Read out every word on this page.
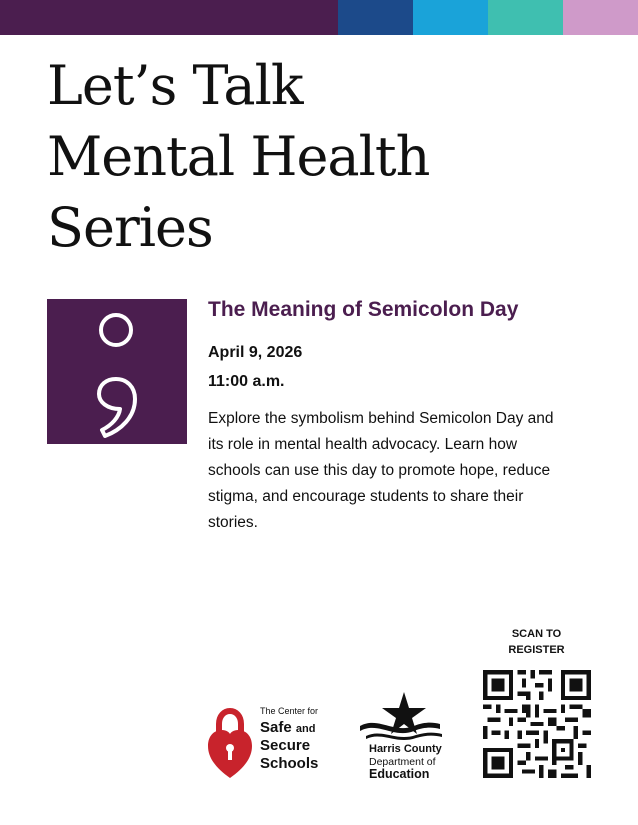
Let’s Talk
Mental Health
Series
The Meaning of Semicolon Day
April 9, 2026
11:00 a.m.

Explore the symbolism behind Semicolon Day and its role in mental health advocacy. Learn how schools can use this day to promote hope, reduce stigma, and encourage students to share their stories.

SCAN TO
REGISTER
The Center for
Safe and
Secure
Schools
Harris County
Department of
Education
